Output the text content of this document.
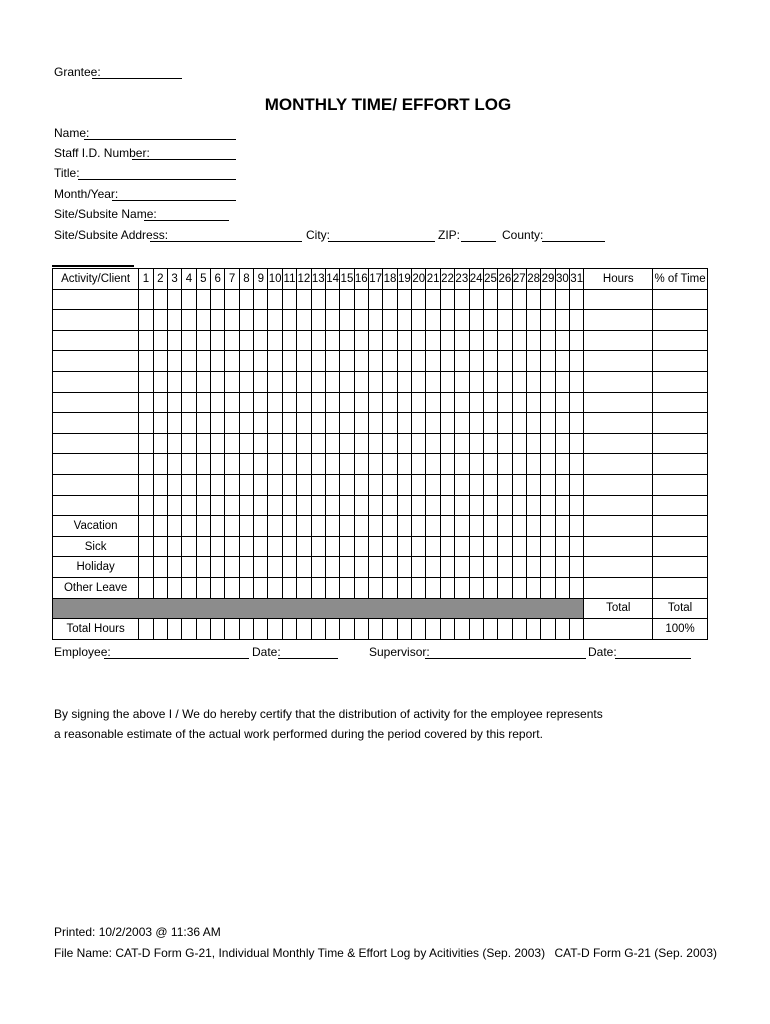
Grantee:
MONTHLY TIME/ EFFORT LOG
Name:
Staff I.D. Number:
Title:
Month/Year:
Site/Subsite Name:
Site/Subsite Address:	City:	ZIP:	County:
Activity/Client	1	2	3	4	5	6	7	8	9	10	11	12	13	14	15	16	17	18	19	20	21	22	23	24	25	26	27	28	29	30	31	Hours	% of Time

Vacation																																	
Sick																																	
Holiday																																	
Other Leave																																	
																																Total	Total
Total Hours																																	100%
Employee:	Date:	Supervisor:	Date:
By signing the above I / We do hereby certify that the distribution of activity for the employee represents
a reasonable estimate of the actual work performed during the period covered by this report.
Printed: 10/2/2003 @ 11:36 AM
File Name: CAT-D Form G-21, Individual Monthly Time & Effort Log by Acitivities (Sep. 2003) CAT-D Form G-21 (Sep. 2003)
